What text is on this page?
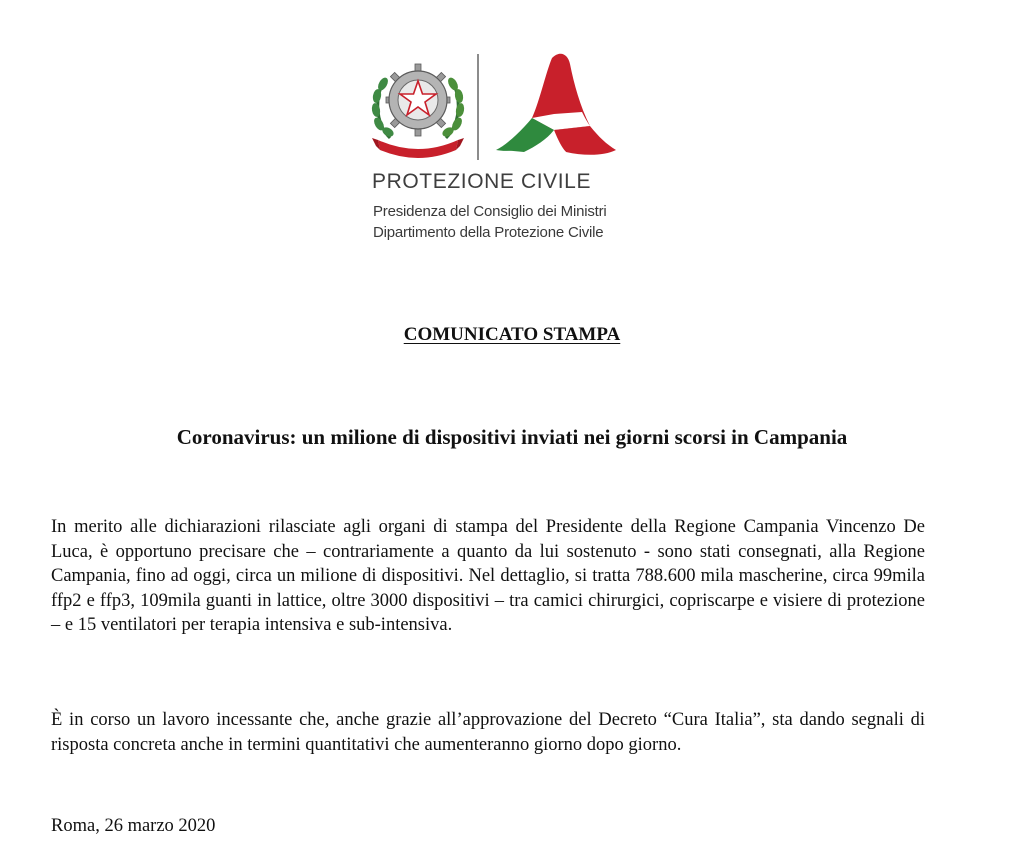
PROTEZIONE CIVILE
Presidenza del Consiglio dei Ministri
Dipartimento della Protezione Civile
COMUNICATO STAMPA
Coronavirus: un milione di dispositivi inviati nei giorni scorsi in Campania

In merito alle dichiarazioni rilasciate agli organi di stampa del Presidente della Regione Campania Vincenzo De Luca, è opportuno precisare che – contrariamente a quanto da lui sostenuto - sono stati consegnati, alla Regione Campania, fino ad oggi, circa un milione di dispositivi. Nel dettaglio, si tratta 788.600 mila mascherine, circa 99mila ffp2 e ffp3, 109mila guanti in lattice, oltre 3000 dispositivi – tra camici chirurgici, copriscarpe e visiere di protezione – e 15 ventilatori per terapia intensiva e sub-intensiva.

È in corso un lavoro incessante che, anche grazie all’approvazione del Decreto “Cura Italia”, sta dando segnali di risposta concreta anche in termini quantitativi che aumenteranno giorno dopo giorno.

Roma, 26 marzo 2020
